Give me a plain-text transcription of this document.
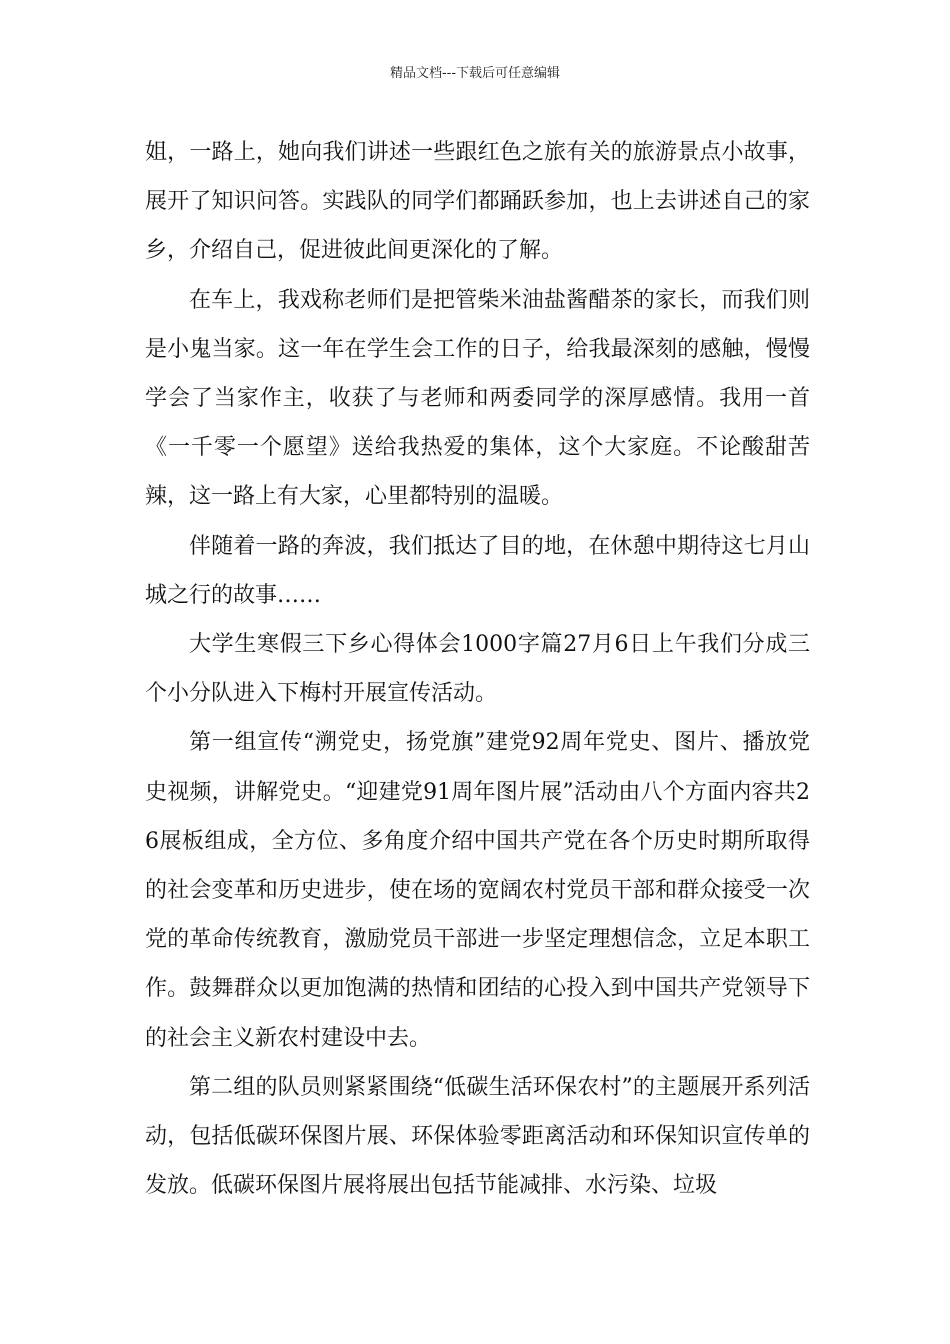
精品文档---下载后可任意编辑

姐，一路上，她向我们讲述一些跟红色之旅有关的旅游景点小故事，展开了知识问答。实践队的同学们都踊跃参加，也上去讲述自己的家乡，介绍自己，促进彼此间更深化的了解。

在车上，我戏称老师们是把管柴米油盐酱醋茶的家长，而我们则是小鬼当家。这一年在学生会工作的日子，给我最深刻的感触，慢慢学会了当家作主，收获了与老师和两委同学的深厚感情。我用一首《一千零一个愿望》送给我热爱的集体，这个大家庭。不论酸甜苦辣，这一路上有大家，心里都特别的温暖。

伴随着一路的奔波，我们抵达了目的地，在休憩中期待这七月山城之行的故事……

大学生寒假三下乡心得体会1000字篇27月6日上午我们分成三个小分队进入下梅村开展宣传活动。

第一组宣传“溯党史，扬党旗”建党92周年党史、图片、播放党史视频，讲解党史。“迎建党91周年图片展”活动由八个方面内容共26展板组成，全方位、多角度介绍中国共产党在各个历史时期所取得的社会变革和历史进步，使在场的宽阔农村党员干部和群众接受一次党的革命传统教育，激励党员干部进一步坚定理想信念，立足本职工作。鼓舞群众以更加饱满的热情和团结的心投入到中国共产党领导下的社会主义新农村建设中去。

第二组的队员则紧紧围绕“低碳生活环保农村”的主题展开系列活动，包括低碳环保图片展、环保体验零距离活动和环保知识宣传单的发放。低碳环保图片展将展出包括节能减排、水污染、垃圾
